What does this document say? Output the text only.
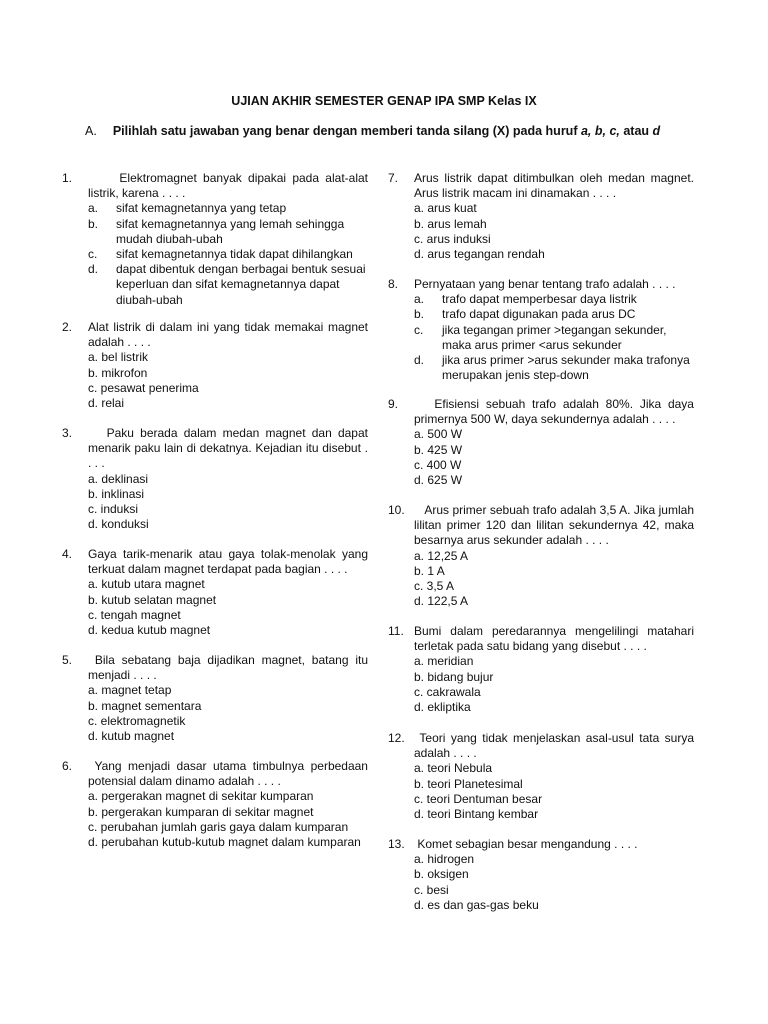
UJIAN AKHIR SEMESTER GENAP IPA SMP Kelas IX
A. Pilihlah satu jawaban yang benar dengan memberi tanda silang (X) pada huruf a, b, c, atau d
1. Elektromagnet banyak dipakai pada alat-alat listrik, karena . . . .
a. sifat kemagnetannya yang tetap
b. sifat kemagnetannya yang lemah sehingga mudah diubah-ubah
c. sifat kemagnetannya tidak dapat dihilangkan
d. dapat dibentuk dengan berbagai bentuk sesuai keperluan dan sifat kemagnetannya dapat diubah-ubah
2. Alat listrik di dalam ini yang tidak memakai magnet adalah . . . .
a. bel listrik
b. mikrofon
c. pesawat penerima
d. relai
3. Paku berada dalam medan magnet dan dapat menarik paku lain di dekatnya. Kejadian itu disebut . . . .
a. deklinasi
b. inklinasi
c. induksi
d. konduksi
4. Gaya tarik-menarik atau gaya tolak-menolak yang terkuat dalam magnet terdapat pada bagian . . . .
a. kutub utara magnet
b. kutub selatan magnet
c. tengah magnet
d. kedua kutub magnet
5. Bila sebatang baja dijadikan magnet, batang itu menjadi . . . .
a. magnet tetap
b. magnet sementara
c. elektromagnetik
d. kutub magnet
6. Yang menjadi dasar utama timbulnya perbedaan potensial dalam dinamo adalah . . . .
a. pergerakan magnet di sekitar kumparan
b. pergerakan kumparan di sekitar magnet
c. perubahan jumlah garis gaya dalam kumparan
d. perubahan kutub-kutub magnet dalam kumparan
7. Arus listrik dapat ditimbulkan oleh medan magnet. Arus listrik macam ini dinamakan . . . .
a. arus kuat
b. arus lemah
c. arus induksi
d. arus tegangan rendah
8. Pernyataan yang benar tentang trafo adalah . . . .
a. trafo dapat memperbesar daya listrik
b. trafo dapat digunakan pada arus DC
c. jika tegangan primer >tegangan sekunder, maka arus primer <arus sekunder
d. jika arus primer >arus sekunder maka trafonya merupakan jenis step-down
9. Efisiensi sebuah trafo adalah 80%. Jika daya primernya 500 W, daya sekundernya adalah . . . .
a. 500 W
b. 425 W
c. 400 W
d. 625 W
10. Arus primer sebuah trafo adalah 3,5 A. Jika jumlah lilitan primer 120 dan lilitan sekundernya 42, maka besarnya arus sekunder adalah . . . .
a. 12,25 A
b. 1 A
c. 3,5 A
d. 122,5 A
11. Bumi dalam peredarannya mengelilingi matahari terletak pada satu bidang yang disebut . . . .
a. meridian
b. bidang bujur
c. cakrawala
d. ekliptika
12. Teori yang tidak menjelaskan asal-usul tata surya adalah . . . .
a. teori Nebula
b. teori Planetesimal
c. teori Dentuman besar
d. teori Bintang kembar
13. Komet sebagian besar mengandung . . . .
a. hidrogen
b. oksigen
c. besi
d. es dan gas-gas beku
